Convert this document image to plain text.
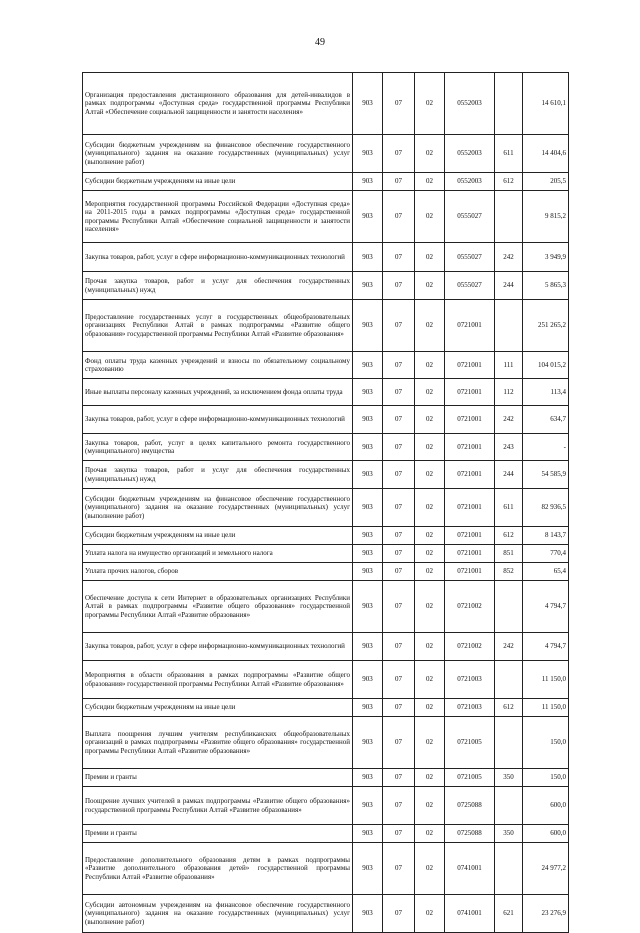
49
Организация предоставления дистанционного образования для детей-инвалидов в рамках подпрограммы «Доступная среда» государственной программы Республики Алтай «Обеспечение социальной защищенности и занятости населения»	903	07	02	0552003		14 610,1
Субсидии бюджетным учреждениям на финансовое обеспечение государственного (муниципального) задания на оказание государственных (муниципальных) услуг (выполнение работ)	903	07	02	0552003	611	14 404,6
Субсидии бюджетным учреждениям на иные цели	903	07	02	0552003	612	205,5
Мероприятия государственной программы Российской Федерации «Доступная среда» на 2011-2015 годы в рамках подпрограммы «Доступная среда» государственной программы Республики Алтай «Обеспечение социальной защищенности и занятости населения»	903	07	02	0555027		9 815,2
Закупка товаров, работ, услуг в сфере информационно-коммуникационных технологий	903	07	02	0555027	242	3 949,9
Прочая закупка товаров, работ и услуг для обеспечения государственных (муниципальных) нужд	903	07	02	0555027	244	5 865,3
Предоставление государственных услуг в государственных общеобразовательных организациях Республики Алтай в рамках подпрограммы «Развитие общего образования» государственной программы Республики Алтай «Развитие образования»	903	07	02	0721001		251 265,2
Фонд оплаты труда казенных учреждений и взносы по обязательному социальному страхованию	903	07	02	0721001	111	104 015,2
Иные выплаты персоналу казенных учреждений, за исключением фонда оплаты труда	903	07	02	0721001	112	113,4
Закупка товаров, работ, услуг в сфере информационно-коммуникационных технологий	903	07	02	0721001	242	634,7
Закупка товаров, работ, услуг в целях капитального ремонта государственного (муниципального) имущества	903	07	02	0721001	243	-
Прочая закупка товаров, работ и услуг для обеспечения государственных (муниципальных) нужд	903	07	02	0721001	244	54 585,9
Субсидии бюджетным учреждениям на финансовое обеспечение государственного (муниципального) задания на оказание государственных (муниципальных) услуг (выполнение работ)	903	07	02	0721001	611	82 936,5
Субсидии бюджетным учреждениям на иные цели	903	07	02	0721001	612	8 143,7
Уплата налога на имущество организаций и земельного налога	903	07	02	0721001	851	770,4
Уплата прочих налогов, сборов	903	07	02	0721001	852	65,4
Обеспечение доступа к сети Интернет в образовательных организациях Республики Алтай в рамках подпрограммы «Развитие общего образования» государственной программы Республики Алтай «Развитие образования»	903	07	02	0721002		4 794,7
Закупка товаров, работ, услуг в сфере информационно-коммуникационных технологий	903	07	02	0721002	242	4 794,7
Мероприятия в области образования в рамках подпрограммы «Развитие общего образования» государственной программы Республики Алтай «Развитие образования»	903	07	02	0721003		11 150,0
Субсидии бюджетным учреждениям на иные цели	903	07	02	0721003	612	11 150,0
Выплата поощрения лучшим учителям республиканских общеобразовательных организаций в рамках подпрограммы «Развитие общего образования» государственной программы Республики Алтай «Развитие образования»	903	07	02	0721005		150,0
Премии и гранты	903	07	02	0721005	350	150,0
Поощрение лучших учителей в рамках подпрограммы «Развитие общего образования» государственной программы Республики Алтай «Развитие образования»	903	07	02	0725088		600,0
Премии и гранты	903	07	02	0725088	350	600,0
Предоставление дополнительного образования детям в рамках подпрограммы «Развитие дополнительного образования детей» государственной программы Республики Алтай «Развитие образования»	903	07	02	0741001		24 977,2
Субсидии автономным учреждениям на финансовое обеспечение государственного (муниципального) задания на оказание государственных (муниципальных) услуг (выполнение работ)	903	07	02	0741001	621	23 276,9
